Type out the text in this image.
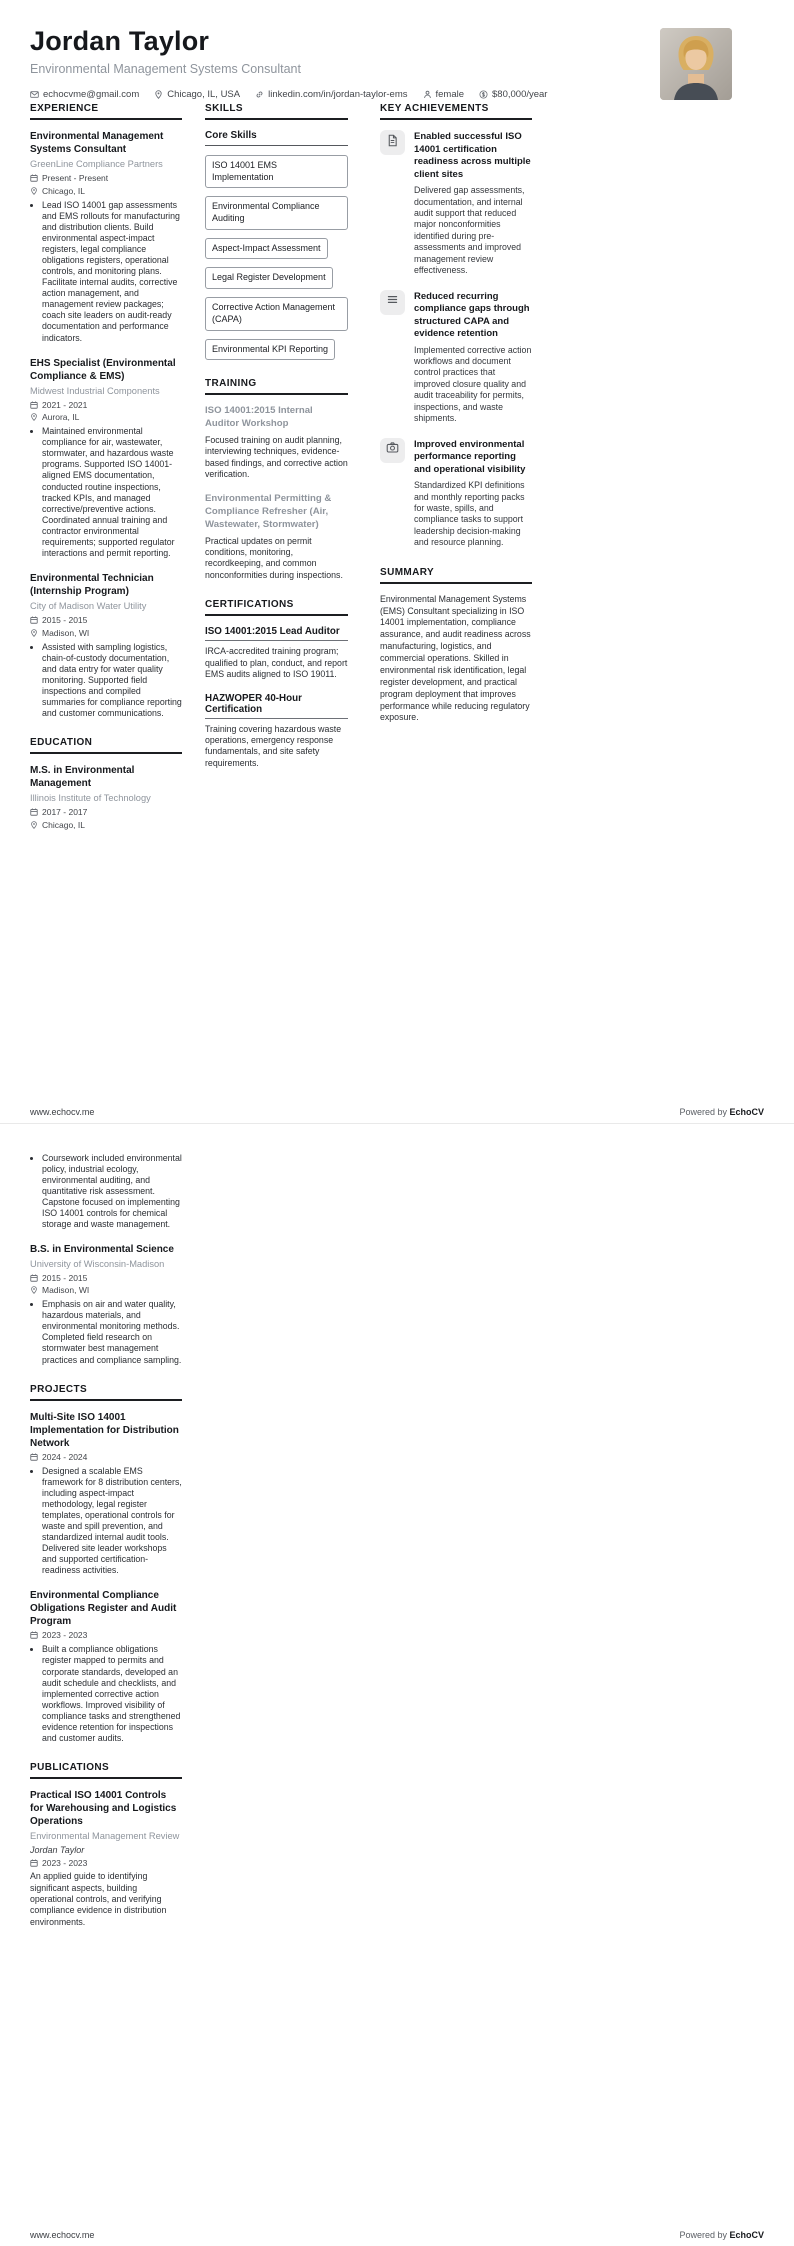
Jordan Taylor
Environmental Management Systems Consultant
echocvme@gmail.com	Chicago, IL, USA	linkedin.com/in/jordan-taylor-ems	female	$80,000/year
EXPERIENCE
Environmental Management Systems Consultant
GreenLine Compliance Partners
Present - Present
Chicago, IL
• Lead ISO 14001 gap assessments and EMS rollouts for manufacturing and distribution clients. Build environmental aspect-impact registers, legal compliance obligations registers, operational controls, and monitoring plans. Facilitate internal audits, corrective action management, and management review packages; coach site leaders on audit-ready documentation and performance indicators.
EHS Specialist (Environmental Compliance & EMS)
Midwest Industrial Components
2021 - 2021
Aurora, IL
• Maintained environmental compliance for air, wastewater, stormwater, and hazardous waste programs. Supported ISO 14001-aligned EMS documentation, conducted routine inspections, tracked KPIs, and managed corrective/preventive actions. Coordinated annual training and contractor environmental requirements; supported regulator interactions and permit reporting.
Environmental Technician (Internship Program)
City of Madison Water Utility
2015 - 2015
Madison, WI
• Assisted with sampling logistics, chain-of-custody documentation, and data entry for water quality monitoring. Supported field inspections and compiled summaries for compliance reporting and customer communications.
EDUCATION
M.S. in Environmental Management
Illinois Institute of Technology
2017 - 2017
Chicago, IL
SKILLS
Core Skills
ISO 14001 EMS Implementation
Environmental Compliance Auditing
Aspect-Impact Assessment
Legal Register Development
Corrective Action Management (CAPA)
Environmental KPI Reporting
TRAINING
ISO 14001:2015 Internal Auditor Workshop
Focused training on audit planning, interviewing techniques, evidence-based findings, and corrective action verification.
Environmental Permitting & Compliance Refresher (Air, Wastewater, Stormwater)
Practical updates on permit conditions, monitoring, recordkeeping, and common nonconformities during inspections.
CERTIFICATIONS
ISO 14001:2015 Lead Auditor
IRCA-accredited training program; qualified to plan, conduct, and report EMS audits aligned to ISO 19011.
HAZWOPER 40-Hour Certification
Training covering hazardous waste operations, emergency response fundamentals, and site safety requirements.
KEY ACHIEVEMENTS
Enabled successful ISO 14001 certification readiness across multiple client sites
Delivered gap assessments, documentation, and internal audit support that reduced major nonconformities identified during pre-assessments and improved management review effectiveness.
Reduced recurring compliance gaps through structured CAPA and evidence retention
Implemented corrective action workflows and document control practices that improved closure quality and audit traceability for permits, inspections, and waste shipments.
Improved environmental performance reporting and operational visibility
Standardized KPI definitions and monthly reporting packs for waste, spills, and compliance tasks to support leadership decision-making and resource planning.
SUMMARY

Environmental Management Systems (EMS) Consultant specializing in ISO 14001 implementation, compliance assurance, and audit readiness across manufacturing, logistics, and commercial operations. Skilled in environmental risk identification, legal register development, and practical program deployment that improves performance while reducing regulatory exposure.

www.echocv.me	Powered by EchoCV
• Coursework included environmental policy, industrial ecology, environmental auditing, and quantitative risk assessment. Capstone focused on implementing ISO 14001 controls for chemical storage and waste management.
B.S. in Environmental Science
University of Wisconsin-Madison
2015 - 2015
Madison, WI
• Emphasis on air and water quality, hazardous materials, and environmental monitoring methods. Completed field research on stormwater best management practices and compliance sampling.
PROJECTS
Multi-Site ISO 14001 Implementation for Distribution Network
2024 - 2024
• Designed a scalable EMS framework for 8 distribution centers, including aspect-impact methodology, legal register templates, operational controls for waste and spill prevention, and standardized internal audit tools. Delivered site leader workshops and supported certification-readiness activities.
Environmental Compliance Obligations Register and Audit Program
2023 - 2023
• Built a compliance obligations register mapped to permits and corporate standards, developed an audit schedule and checklists, and implemented corrective action workflows. Improved visibility of compliance tasks and strengthened evidence retention for inspections and customer audits.
PUBLICATIONS
Practical ISO 14001 Controls for Warehousing and Logistics Operations
Environmental Management Review
Jordan Taylor
2023 - 2023

An applied guide to identifying significant aspects, building operational controls, and verifying compliance evidence in distribution environments.

www.echocv.me	Powered by EchoCV
